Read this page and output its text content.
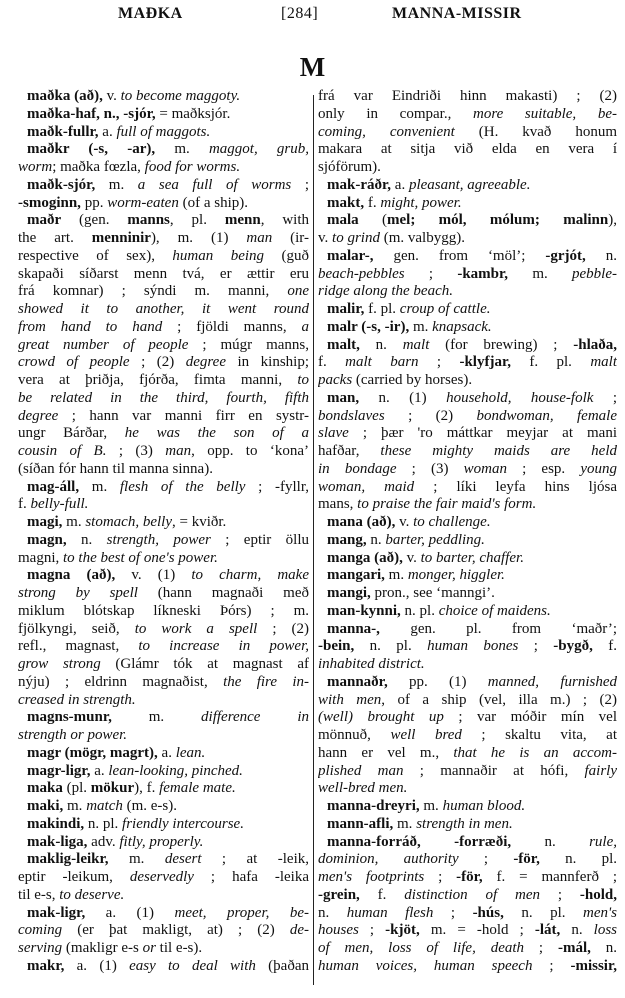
MAÐKA	[284]	MANNA-MISSIR
M
maðka (að), v. to become maggoty.
maðka-haf, n., -sjór, = maðksjór.
maðk-fullr, a. full of maggots.
maðkr (-s, -ar), m. maggot, grub,
worm; maðka fœzla, food for worms.
maðk-sjór, m. a sea full of worms ;
-smoginn, pp. worm-eaten (of a ship).
maðr (gen. manns, pl. menn, with
the art. menninir), m. (1) man (ir-
respective of sex), human being (guð
skapaði síðarst menn tvá, er ættir eru
frá komnar) ; sýndi m. manni, one
showed it to another, it went round
from hand to hand ; fjöldi manns, a
great number of people ; múgr manns,
crowd of people ; (2) degree in kinship;
vera at þriðja, fjórða, fimta manni, to
be related in the third, fourth, fifth
degree ; hann var manni firr en systr-
ungr Bárðar, he was the son of a
cousin of B. ; (3) man, opp. to ‘kona’
(síðan fór hann til manna sinna).
mag-áll, m. flesh of the belly ; -fyllr,
f. belly-full.
magi, m. stomach, belly, = kviðr.
magn, n. strength, power ; eptir öllu
magni, to the best of one's power.
magna (að), v. (1) to charm, make
strong by spell (hann magnaði með
miklum blótskap líkneski Þórs) ; m.
fjölkyngi, seið, to work a spell ; (2)
refl., magnast, to increase in power,
grow strong (Glámr tók at magnast af
nýju) ; eldrinn magnaðist, the fire in-
creased in strength.
magns-munr, m. difference in
strength or power.
magr (mögr, magrt), a. lean.
magr-ligr, a. lean-looking, pinched.
maka (pl. mökur), f. female mate.
maki, m. match (m. e-s).
makindi, n. pl. friendly intercourse.
mak-liga, adv. fitly, properly.
maklig-leikr, m. desert ; at -leik,
eptir -leikum, deservedly ; hafa -leika
til e-s, to deserve.
mak-ligr, a. (1) meet, proper, be-
coming (er þat makligt, at) ; (2) de-
serving (makligr e-s or til e-s).
makr, a. (1) easy to deal with (þaðan
frá var Eindriði hinn makasti) ; (2)
only in compar., more suitable, be-
coming, convenient (H. kvað honum
makara at sitja við elda en vera í
sjóförum).
mak-ráðr, a. pleasant, agreeable.
makt, f. might, power.
mala (mel; mól, mólum; malinn),
v. to grind (m. valbygg).
malar-, gen. from ‘möl’; -grjót, n.
beach-pebbles ; -kambr, m. pebble-
ridge along the beach.
malir, f. pl. croup of cattle.
malr (-s, -ir), m. knapsack.
malt, n. malt (for brewing) ; -hlaða,
f. malt barn ; -klyfjar, f. pl. malt
packs (carried by horses).
man, n. (1) household, house-folk ;
bondslaves ; (2) bondwoman, female
slave ; þær 'ro máttkar meyjar at mani
hafðar, these mighty maids are held
in bondage ; (3) woman ; esp. young
woman, maid ; líki leyfa hins ljósa
mans, to praise the fair maid's form.
mana (að), v. to challenge.
mang, n. barter, peddling.
manga (að), v. to barter, chaffer.
mangari, m. monger, higgler.
mangi, pron., see ‘manngi’.
man-kynni, n. pl. choice of maidens.
manna-, gen. pl. from ‘maðr’;
-bein, n. pl. human bones ; -bygð, f.
inhabited district.
mannaðr, pp. (1) manned, furnished
with men, of a ship (vel, illa m.) ; (2)
(well) brought up ; var móðir mín vel
mönnuð, well bred ; skaltu vita, at
hann er vel m., that he is an accom-
plished man ; mannaðir at hófi, fairly
well-bred men.
manna-dreyri, m. human blood.
mann-afli, m. strength in men.
manna-forráð, -forræði, n. rule,
dominion, authority ; -för, n. pl.
men's footprints ; -för, f. = mannferð ;
-grein, f. distinction of men ; -hold,
n. human flesh ; -hús, n. pl. men's
houses ; -kjöt, m. = -hold ; -lát, n. loss
of men, loss of life, death ; -mál, n.
human voices, human speech ; -missir,
